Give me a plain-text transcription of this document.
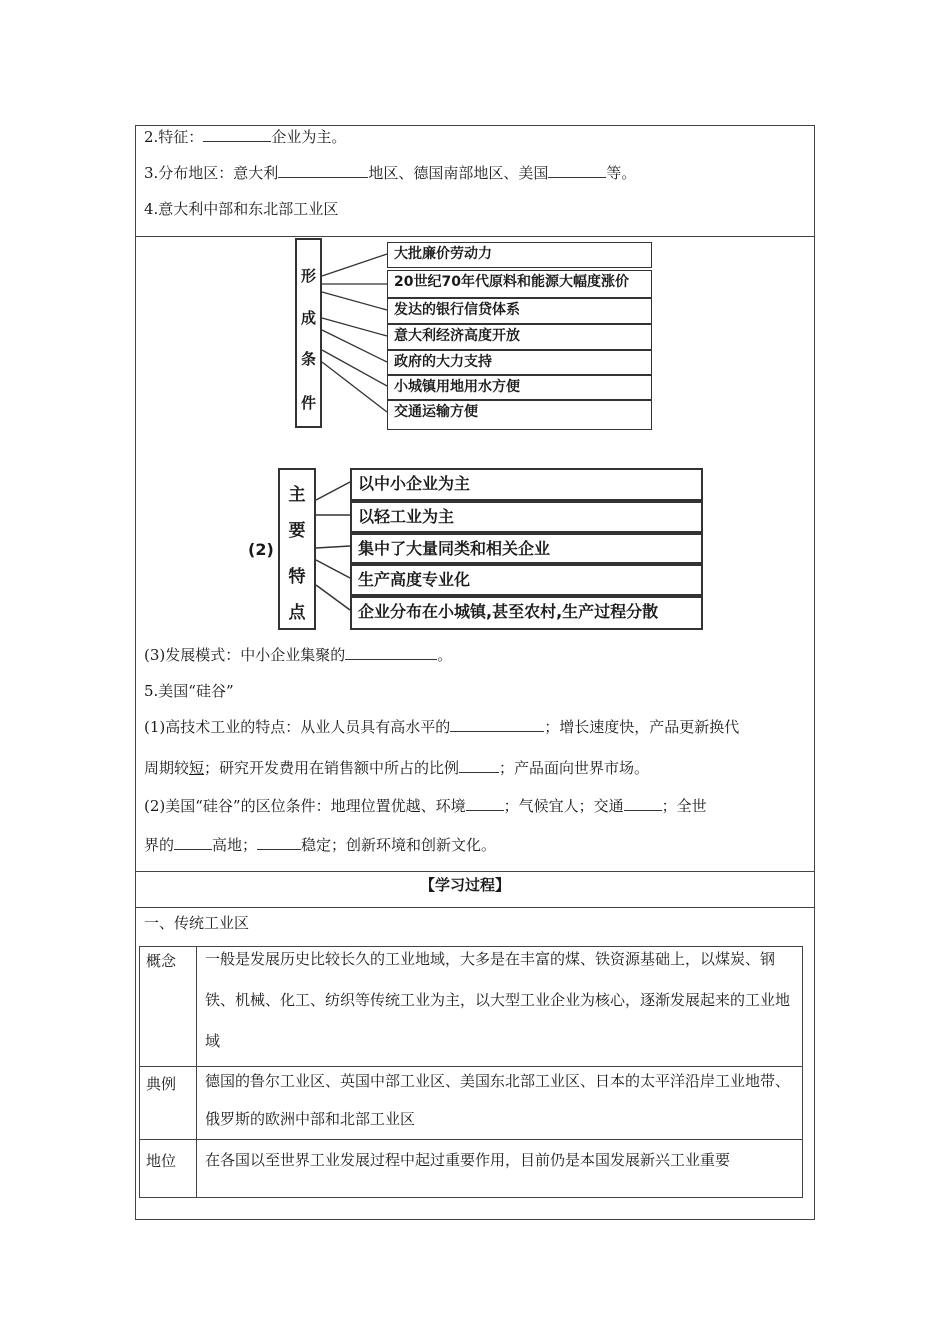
2.特征：	企业为主。
3.分布地区：意大利	地区、德国南部地区、美国	等。
4.意大利中部和东北部工业区
形
成
条
件
大批廉价劳动力
20世纪70年代原料和能源大幅度涨价
发达的银行信贷体系
意大利经济高度开放
政府的大力支持
小城镇用地用水方便
交通运输方便
(2)
主
要
特
点
以中小企业为主
以轻工业为主
集中了大量同类和相关企业
生产高度专业化
企业分布在小城镇,甚至农村,生产过程分散
(3)发展模式：中小企业集聚的	。
5.美国“硅谷”
(1)高技术工业的特点：从业人员具有高水平的	；增长速度快，产品更新换代
周期较短；研究开发费用在销售额中所占的比例	；产品面向世界市场。
(2)美国“硅谷”的区位条件：地理位置优越、环境	；气候宜人；交通	；全世
界的	高地；	稳定；创新环境和创新文化。
【学习过程】
一、传统工业区
概念 一般是发展历史比较长久的工业地域，大多是在丰富的煤、铁资源基础上，以煤炭、钢铁、机械、化工、纺织等传统工业为主，以大型工业企业为核心，逐渐发展起来的工业地域
典例 德国的鲁尔工业区、英国中部工业区、美国东北部工业区、日本的太平洋沿岸工业地带、俄罗斯的欧洲中部和北部工业区
地位 在各国以至世界工业发展过程中起过重要作用，目前仍是本国发展新兴工业重要
